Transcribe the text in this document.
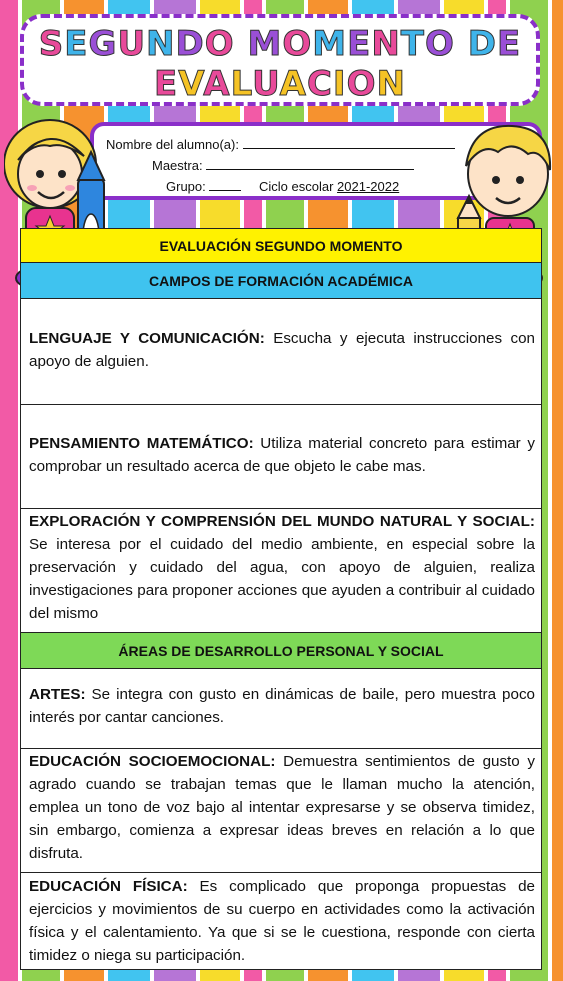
SEGUNDO MOMENTO DE
EVALUACION
Nombre del alumno(a):
Maestra:
Grupo:	Ciclo escolar 2021-2022
EVALUACIÓN SEGUNDO MOMENTO
CAMPOS DE FORMACIÓN ACADÉMICA
LENGUAJE Y COMUNICACIÓN: Escucha y ejecuta instrucciones con apoyo de alguien.
PENSAMIENTO MATEMÁTICO: Utiliza material concreto para estimar y comprobar un resultado acerca de que objeto le cabe mas.
EXPLORACIÓN Y COMPRENSIÓN DEL MUNDO NATURAL Y SOCIAL: Se interesa por el cuidado del medio ambiente, en especial sobre la preservación y cuidado del agua, con apoyo de alguien, realiza investigaciones para proponer acciones que ayuden a contribuir al cuidado del mismo
ÁREAS DE DESARROLLO PERSONAL Y SOCIAL
ARTES: Se integra con gusto en dinámicas de baile, pero muestra poco interés por cantar canciones.
EDUCACIÓN SOCIOEMOCIONAL: Demuestra sentimientos de gusto y agrado cuando se trabajan temas que le llaman mucho la atención, emplea un tono de voz bajo al intentar expresarse y se observa timidez, sin embargo, comienza a expresar ideas breves en relación a lo que disfruta.
EDUCACIÓN FÍSICA: Es complicado que proponga propuestas de ejercicios y movimientos de su cuerpo en actividades como la activación física y el calentamiento. Ya que si se le cuestiona, responde con cierta timidez o niega su participación.
